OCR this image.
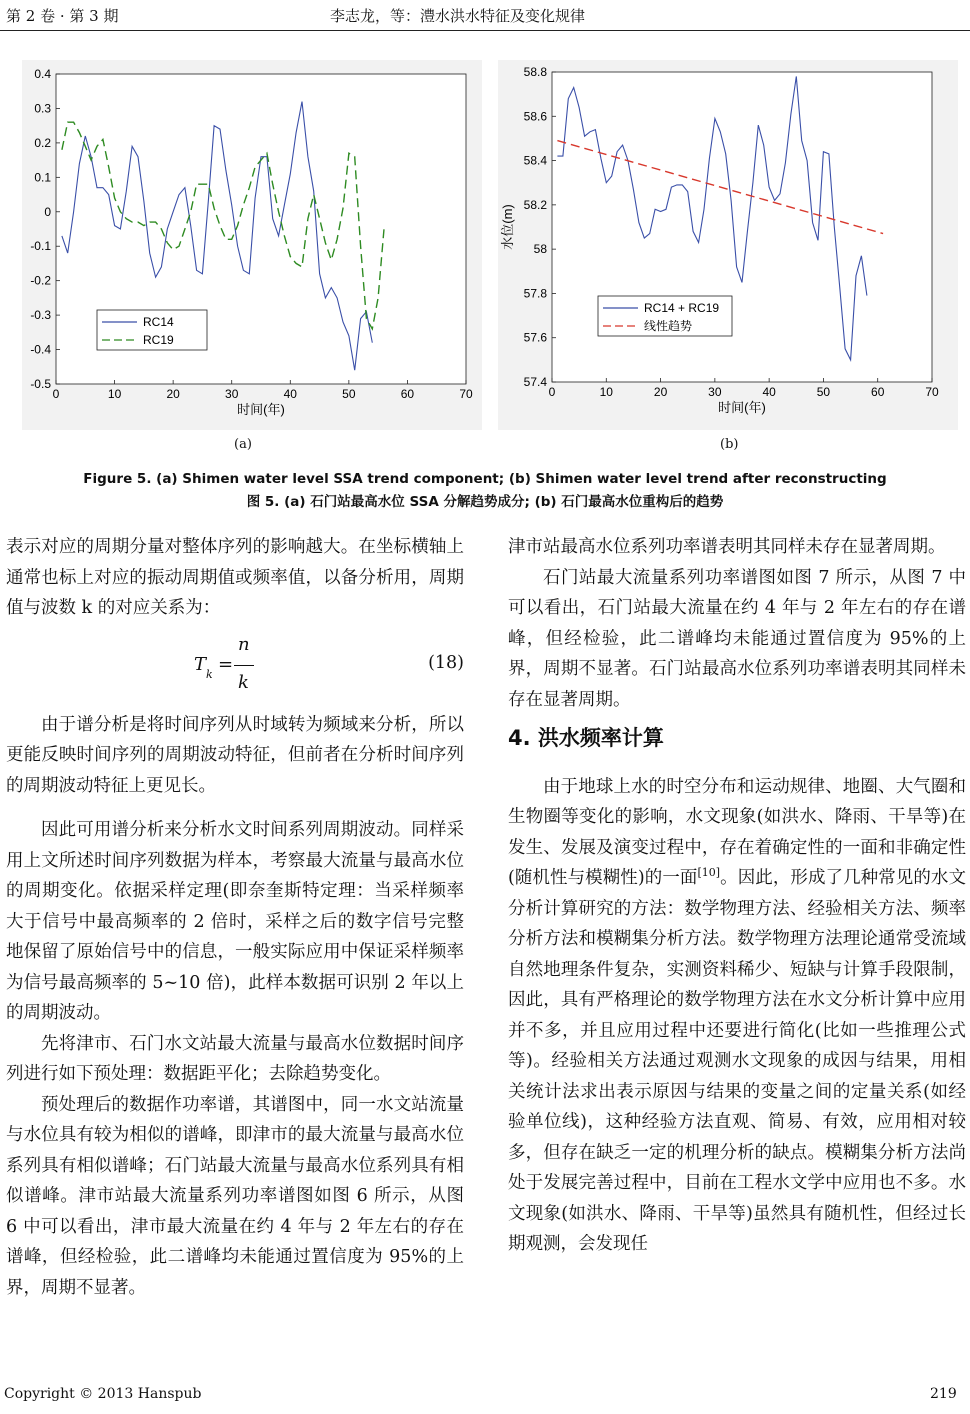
第 2 卷 · 第 3 期	李志龙，等：澧水洪水特征及变化规律
0	10	20	30	40	50	60	70
0.4
0.3
0.2
0.1
0
-0.1
-0.2
-0.3
-0.4
-0.5
时间(年)
RC14
RC19
0	10	20	30	40	50	60	70
58.8
58.6
58.4
58.2
58
57.8
57.6
57.4
时间(年)
水位(m)
RC14 + RC19
线性趋势
(a)	(b)
Figure 5. (a) Shimen water level SSA trend component; (b) Shimen water level trend after reconstructing
图 5. (a) 石门站最高水位 SSA 分解趋势成分; (b) 石门最高水位重构后的趋势

表示对应的周期分量对整体序列的影响越大。在坐标横轴上通常也标上对应的振动周期值或频率值，以备分析用，周期值与波数 k 的对应关系为：

T k =
n
k
(18)

由于谱分析是将时间序列从时域转为频域来分析，所以更能反映时间序列的周期波动特征，但前者在分析时间序列的周期波动特征上更见长。

因此可用谱分析来分析水文时间系列周期波动。同样采用上文所述时间序列数据为样本，考察最大流量与最高水位的周期变化。依据采样定理(即奈奎斯特定理：当采样频率大于信号中最高频率的 2 倍时，采样之后的数字信号完整地保留了原始信号中的信息，一般实际应用中保证采样频率为信号最高频率的 5~10 倍)，此样本数据可识别 2 年以上的周期波动。

先将津市、石门水文站最大流量与最高水位数据时间序列进行如下预处理：数据距平化；去除趋势变化。

预处理后的数据作功率谱，其谱图中，同一水文站流量与水位具有较为相似的谱峰，即津市的最大流量与最高水位系列具有相似谱峰；石门站最大流量与最高水位系列具有相似谱峰。津市站最大流量系列功率谱图如图 6 所示，从图 6 中可以看出，津市最大流量在约 4 年与 2 年左右的存在谱峰，但经检验，此二谱峰均未能通过置信度为 95%的上界，周期不显著。

津市站最高水位系列功率谱表明其同样未存在显著周期。

石门站最大流量系列功率谱图如图 7 所示，从图 7 中可以看出，石门站最大流量在约 4 年与 2 年左右的存在谱峰，但经检验，此二谱峰均未能通过置信度为 95%的上界，周期不显著。石门站最高水位系列功率谱表明其同样未存在显著周期。

4. 洪水频率计算

由于地球上水的时空分布和运动规律、地圈、大气圈和生物圈等变化的影响，水文现象(如洪水、降雨、干旱等)在发生、发展及演变过程中，存在着确定性的一面和非确定性(随机性与模糊性)的一面[10]。因此，形成了几种常见的水文分析计算研究的方法：数学物理方法、经验相关方法、频率分析方法和模糊集分析方法。数学物理方法理论通常受流域自然地理条件复杂，实测资料稀少、短缺与计算手段限制，因此，具有严格理论的数学物理方法在水文分析计算中应用并不多，并且应用过程中还要进行简化(比如一些推理公式等)。经验相关方法通过观测水文现象的成因与结果，用相关统计法求出表示原因与结果的变量之间的定量关系(如经验单位线)，这种经验方法直观、简易、有效，应用相对较多，但存在缺乏一定的机理分析的缺点。模糊集分析方法尚处于发展完善过程中，目前在工程水文学中应用也不多。水文现象(如洪水、降雨、干旱等)虽然具有随机性，但经过长期观测，会发现任

Copyright © 2013 Hanspub	219
